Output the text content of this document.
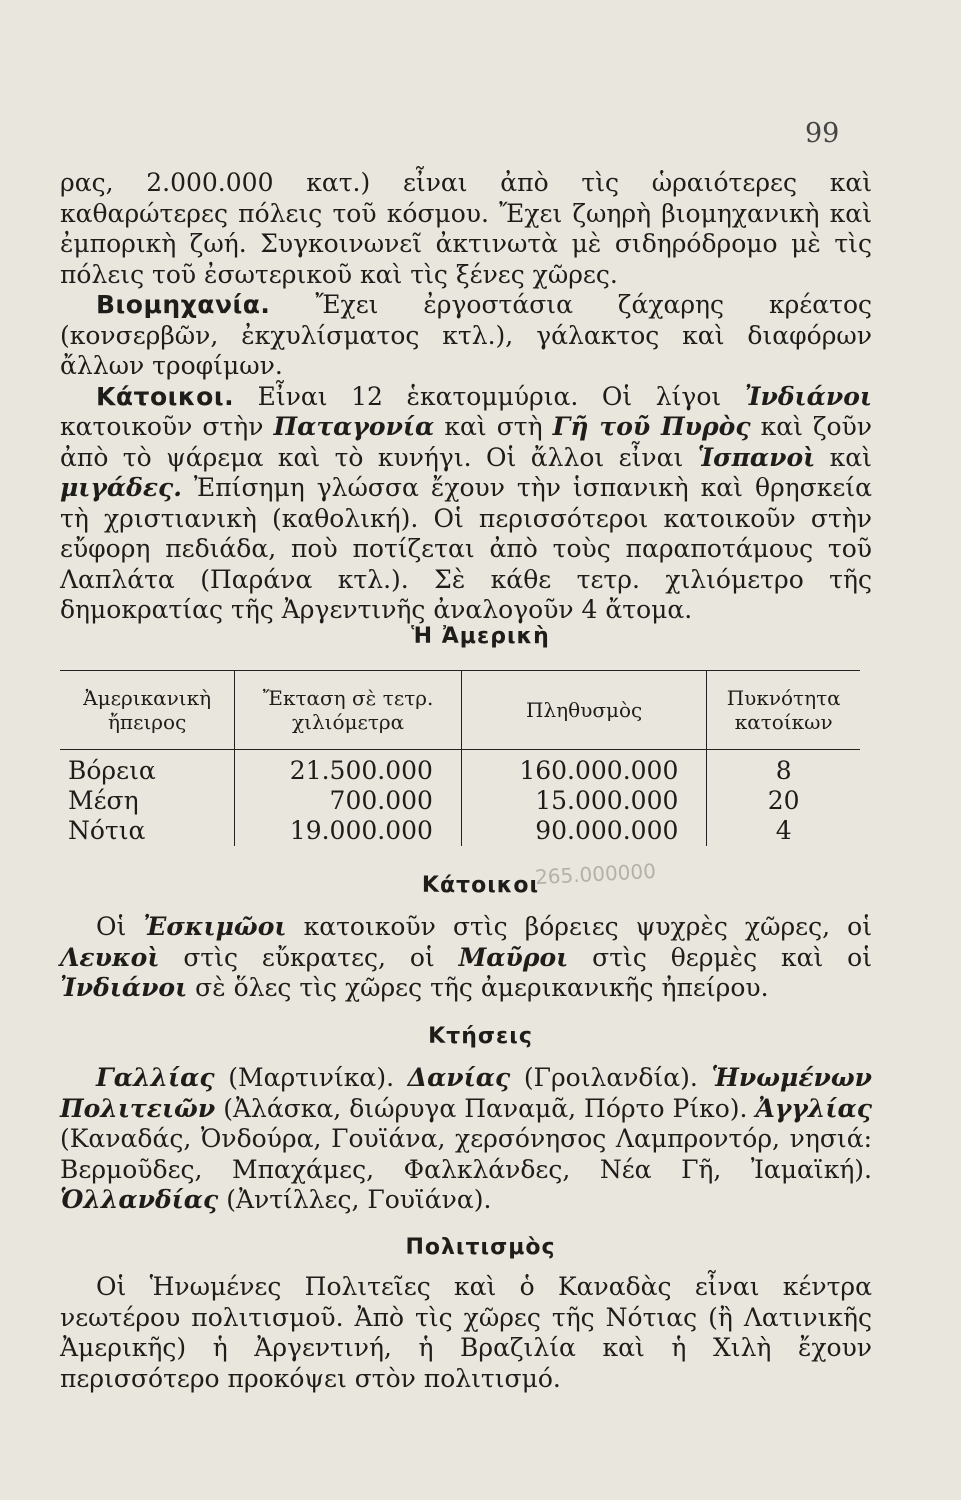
99

ρας, 2.000.000 κατ.) εἶναι ἀπὸ τὶς ὡραιότερες καὶ καθαρώτερες πόλεις τοῦ κόσμου. Ἔχει ζωηρὴ βιομηχανικὴ καὶ ἐμπορικὴ ζωή. Συγκοινωνεῖ ἀκτινωτὰ μὲ σιδηρόδρομο μὲ τὶς πόλεις τοῦ ἐσωτερικοῦ καὶ τὶς ξένες χῶρες.

Βιομηχανία. Ἔχει ἐργοστάσια ζάχαρης κρέατος (κονσερβῶν, ἐκχυλίσματος κτλ.), γάλακτος καὶ διαφόρων ἄλλων τροφίμων.

Κάτοικοι. Εἶναι 12 ἑκατομμύρια. Οἱ λίγοι Ἰνδιάνοι κατοικοῦν στὴν Παταγονία καὶ στὴ Γῆ τοῦ Πυρὸς καὶ ζοῦν ἀπὸ τὸ ψάρεμα καὶ τὸ κυνήγι. Οἱ ἄλλοι εἶναι Ἱσπανοὶ καὶ μιγάδες. Ἐπίσημη γλώσσα ἔχουν τὴν ἱσπανικὴ καὶ θρησκεία τὴ χριστιανικὴ (καθολική). Οἱ περισσότεροι κατοικοῦν στὴν εὔφορη πεδιάδα, ποὺ ποτίζεται ἀπὸ τοὺς παραποτάμους τοῦ Λαπλάτα (Παράνα κτλ.). Σὲ κάθε τετρ. χιλιόμετρο τῆς δημοκρατίας τῆς Ἀργεντινῆς ἀναλογοῦν 4 ἄτομα.

Ἡ Ἀμερικὴ
Ἀμερικανικὴ ἤπειρος	Ἔκταση σὲ τετρ. χιλιόμετρα	Πληθυσμὸς	Πυκνότητα κατοίκων
Βόρεια	21.500.000	160.000.000	8
Μέση	700.000	15.000.000	20
Νότια	19.000.000	90.000.000	4
265.000000
Κάτοικοι

Οἱ Ἐσκιμῶοι κατοικοῦν στὶς βόρειες ψυχρὲς χῶρες, οἱ Λευκοὶ στὶς εὔκρατες, οἱ Μαῦροι στὶς θερμὲς καὶ οἱ Ἰνδιάνοι σὲ ὅλες τὶς χῶρες τῆς ἀμερικανικῆς ἠπείρου.

Κτήσεις

Γαλλίας (Μαρτινίκα). Δανίας (Γροιλανδία). Ἡνωμένων Πολιτειῶν (Ἀλάσκα, διώρυγα Παναμᾶ, Πόρτο Ρίκο). Ἀγγλίας (Καναδάς, Ὀνδούρα, Γουϊάνα, χερσόνησος Λαμπροντόρ, νησιά: Βερμοῦδες, Μπαχάμες, Φαλκλάνδες, Νέα Γῆ, Ἰαμαϊκή). Ὁλλανδίας (Ἀντίλλες, Γουϊάνα).

Πολιτισμὸς

Οἱ Ἡνωμένες Πολιτεῖες καὶ ὁ Καναδὰς εἶναι κέντρα νεωτέρου πολιτισμοῦ. Ἀπὸ τὶς χῶρες τῆς Νότιας (ἢ Λατινικῆς Ἀμερικῆς) ἡ Ἀργεντινή, ἡ Βραζιλία καὶ ἡ Χιλὴ ἔχουν περισσότερο προκόψει στὸν πολιτισμό.
